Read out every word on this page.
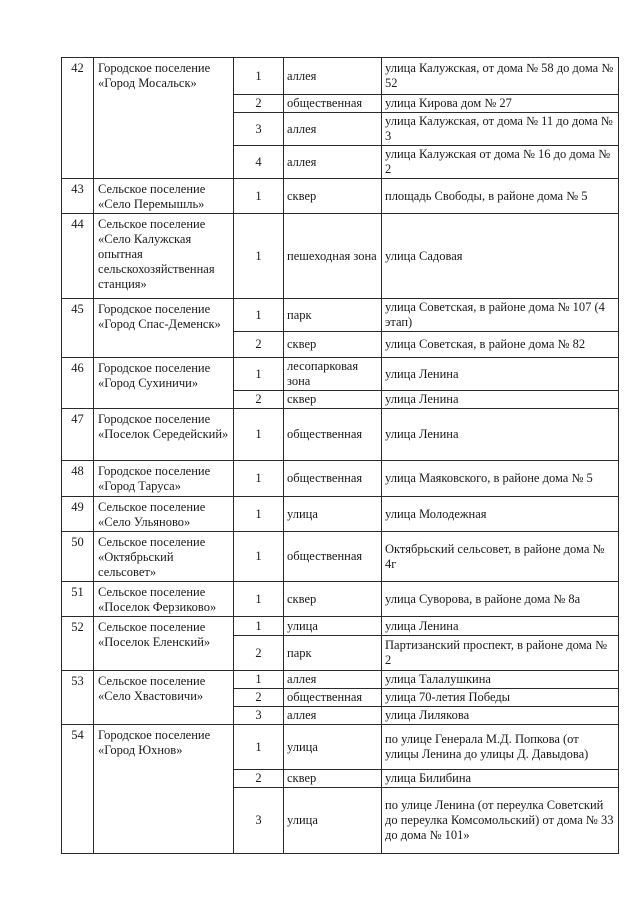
42	Городское поселение «Город Мосальск»	1	аллея	улица Калужская, от дома № 58 до дома № 52
		2	общественная	улица Кирова дом № 27
		3	аллея	улица Калужская, от дома № 11 до дома № 3
		4	аллея	улица Калужская от дома № 16 до дома № 2
43	Сельское поселение «Село Перемышль»	1	сквер	площадь Свободы, в районе дома № 5
44	Сельское поселение «Село Калужская опытная сельскохозяйственная станция»	1	пешеходная зона	улица Садовая
45	Городское поселение «Город Спас-Деменск»	1	парк	улица Советская, в районе дома № 107 (4 этап)
		2	сквер	улица Советская, в районе дома № 82
46	Городское поселение «Город Сухиничи»	1	лесопарковая зона	улица Ленина
		2	сквер	улица Ленина
47	Городское поселение «Поселок Середейский»	1	общественная	улица Ленина
48	Городское поселение «Город Таруса»	1	общественная	улица Маяковского, в районе дома № 5
49	Сельское поселение «Село Ульяново»	1	улица	улица Молодежная
50	Сельское поселение «Октябрьский сельсовет»	1	общественная	Октябрьский сельсовет, в районе дома № 4г
51	Сельское поселение «Поселок Ферзиково»	1	сквер	улица Суворова, в районе дома № 8а
52	Сельское поселение «Поселок Еленский»	1	улица	улица Ленина
		2	парк	Партизанский проспект, в районе дома № 2
53	Сельское поселение «Село Хвастовичи»	1	аллея	улица Талалушкина
		2	общественная	улица 70-летия Победы
		3	аллея	улица Лилякова
54	Городское поселение «Город Юхнов»	1	улица	по улице Генерала М.Д. Попкова (от улицы Ленина до улицы Д. Давыдова)
		2	сквер	улица Билибина
		3	улица	по улице Ленина (от переулка Советский до переулка Комсомольский) от дома № 33 до дома № 101»
